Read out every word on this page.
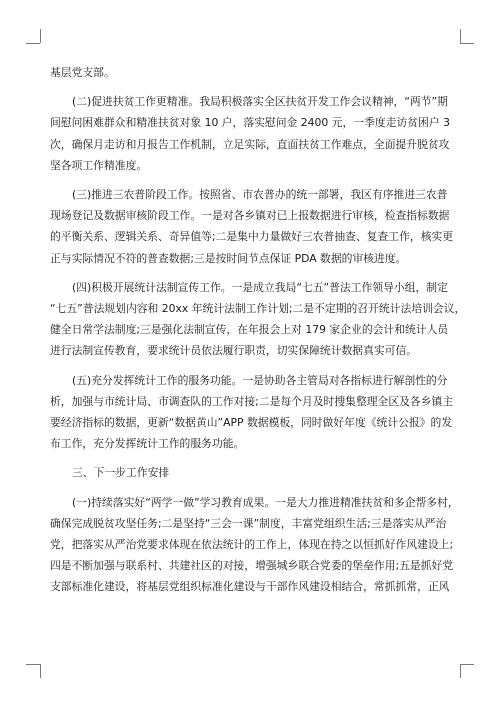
基层党支部。

(二)促进扶贫工作更精准。我局积极落实全区扶贫开发工作会议精神，“两节”期
间慰问困难群众和精准扶贫对象 10 户，落实慰问金 2400 元，一季度走访贫困户 3
次，确保月走访和月报告工作机制，立足实际，直面扶贫工作难点，全面提升脱贫攻
坚各项工作精准度。

(三)推进三农普阶段工作。按照省、市农普办的统一部署，我区有序推进三农普
现场登记及数据审核阶段工作。一是对各乡镇对已上报数据进行审核，检查指标数据
的平衡关系、逻辑关系、奇异值等;二是集中力量做好三农普抽查、复查工作，核实更
正与实际情况不符的普查数据;三是按时间节点保证 PDA 数据的审核进度。

(四)积极开展统计法制宣传工作。一是成立我局“七五”普法工作领导小组，制定
“七五”普法规划内容和 20xx 年统计法制工作计划;二是不定期的召开统计法培训会议，
健全日常学法制度;三是强化法制宣传，在年报会上对 179 家企业的会计和统计人员
进行法制宣传教育，要求统计员依法履行职责，切实保障统计数据真实可信。

(五)充分发挥统计工作的服务功能。一是协助各主管局对各指标进行解剖性的分
析，加强与市统计局、市调查队的工作对接;二是每个月及时搜集整理全区及各乡镇主
要经济指标的数据，更新“数据黄山”APP 数据模板，同时做好年度《统计公报》的发
布工作，充分发挥统计工作的服务功能。

三、下一步工作安排

(一)持续落实好“两学一做”学习教育成果。一是大力推进精准扶贫和多企帮多村，
确保完成脱贫攻坚任务;二是坚持“三会一课”制度，丰富党组织生活;三是落实从严治
党，把落实从严治党要求体现在依法统计的工作上，体现在持之以恒抓好作风建设上;
四是不断加强与联系村、共建社区的对接，增强城乡联合党委的堡垒作用;五是抓好党
支部标准化建设，将基层党组织标准化建设与干部作风建设相结合，常抓抓常，正风
